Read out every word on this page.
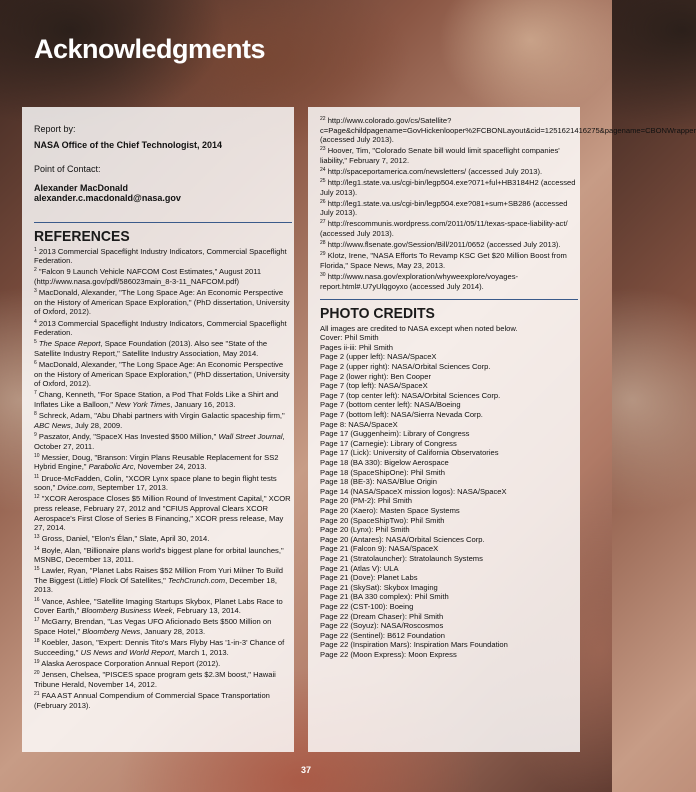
Acknowledgments
Report by:
NASA Office of the Chief Technologist, 2014
Point of Contact:
Alexander MacDonald
alexander.c.macdonald@nasa.gov
REFERENCES
$^1$ 2013 Commercial Spaceflight Industry Indicators, Commercial Spaceflight Federation.
$^2$ "Falcon 9 Launch Vehicle NAFCOM Cost Estimates," August 2011 (http://www.nasa.gov/pdf/586023main_8-3-11_NAFCOM.pdf)
$^3$ MacDonald, Alexander, "The Long Space Age: An Economic Perspective on the History of American Space Exploration," (PhD dissertation, University of Oxford, 2012).
$^4$ 2013 Commercial Spaceflight Industry Indicators, Commercial Spaceflight Federation.
$^5$ The Space Report, Space Foundation (2013). Also see "State of the Satellite Industry Report," Satellite Industry Association, May 2014.
$^6$ MacDonald, Alexander, "The Long Space Age: An Economic Perspective on the History of American Space Exploration," (PhD dissertation, University of Oxford, 2012).
$^7$ Chang, Kenneth, "For Space Station, a Pod That Folds Like a Shirt and Inflates Like a Balloon," New York Times, January 16, 2013.
$^8$ Schreck, Adam, "Abu Dhabi partners with Virgin Galactic spaceship firm," ABC News, July 28, 2009.
$^9$ Paszator, Andy, "SpaceX Has Invested $500 Million," Wall Street Journal, October 27, 2011.
$^{10}$ Messier, Doug, "Branson: Virgin Plans Reusable Replacement for SS2 Hybrid Engine," Parabolic Arc, November 24, 2013.
$^{11}$ Druce-McFadden, Colin, "XCOR Lynx space plane to begin flight tests soon," Dvice.com, September 17, 2013.
$^{12}$ "XCOR Aerospace Closes $5 Million Round of Investment Capital," XCOR press release, February 27, 2012 and "CFIUS Approval Clears XCOR Aerospace's First Close of Series B Financing," XCOR press release, May 27, 2014.
$^{13}$ Gross, Daniel, "Elon's Élan," Slate, April 30, 2014.
$^{14}$ Boyle, Alan, "Billionaire plans world's biggest plane for orbital launches," MSNBC, December 13, 2011.
$^{15}$ Lawler, Ryan, "Planet Labs Raises $52 Million From Yuri Milner To Build The Biggest (Little) Flock Of Satellites," TechCrunch.com, December 18, 2013.
$^{16}$ Vance, Ashlee, "Satellite Imaging Startups Skybox, Planet Labs Race to Cover Earth," Bloomberg Business Week, February 13, 2014.
$^{17}$ McGarry, Brendan, "Las Vegas UFO Aficionado Bets $500 Million on Space Hotel," Bloomberg News, January 28, 2013.
$^{18}$ Koebler, Jason, "Expert: Dennis Tito's Mars Flyby Has '1-in-3' Chance of Succeeding," US News and World Report, March 1, 2013.
$^{19}$ Alaska Aerospace Corporation Annual Report (2012).
$^{20}$ Jensen, Chelsea, "PISCES space program gets $2.3M boost," Hawaii Tribune Herald, November 14, 2012.
$^{21}$ FAA AST Annual Compendium of Commercial Space Transportation (February 2013).
$^{22}$ http://www.colorado.gov/cs/Satellite?c=Page&childpagename=GovHickenlooper%2FCBONLayout&cid=1251621416275&pagename=CBONWrapper (accessed July 2013).
$^{23}$ Hoover, Tim, "Colorado Senate bill would limit spaceflight companies' liability," February 7, 2012.
$^{24}$ http://spaceportamerica.com/newsletters/ (accessed July 2013).
$^{25}$ http://leg1.state.va.us/cgi-bin/legp504.exe?071+ful+HB3184H2 (accessed July 2013).
$^{26}$ http://leg1.state.va.us/cgi-bin/legp504.exe?081+sum+SB286 (accessed July 2013).
$^{27}$ http://rescommunis.wordpress.com/2011/05/11/texas-space-liability-act/ (accessed July 2013).
$^{28}$ http://www.flsenate.gov/Session/Bill/2011/0652 (accessed July 2013).
$^{29}$ Klotz, Irene, "NASA Efforts To Revamp KSC Get $20 Million Boost from Florida," Space News, May 23, 2013.
$^{30}$ http://www.nasa.gov/exploration/whyweexplore/voyages-report.html#.U7yUlqgoyxo (accessed July 2014).
PHOTO CREDITS
All images are credited to NASA except when noted below.
Cover: Phil Smith
Pages ii-iii: Phil Smith
Page 2 (upper left): NASA/SpaceX
Page 2 (upper right): NASA/Orbital Sciences Corp.
Page 2 (lower right): Ben Cooper
Page 7 (top left): NASA/SpaceX
Page 7 (top center left): NASA/Orbital Sciences Corp.
Page 7 (bottom center left): NASA/Boeing
Page 7 (bottom left): NASA/Sierra Nevada Corp.
Page 8: NASA/SpaceX
Page 17 (Guggenheim): Library of Congress
Page 17 (Carnegie): Library of Congress
Page 17 (Lick): University of California Observatories
Page 18 (BA 330): Bigelow Aerospace
Page 18 (SpaceShipOne): Phil Smith
Page 18 (BE-3): NASA/Blue Origin
Page 14 (NASA/SpaceX mission logos): NASA/SpaceX
Page 20 (PM-2): Phil Smith
Page 20 (Xaero): Masten Space Systems
Page 20 (SpaceShipTwo): Phil Smith
Page 20 (Lynx): Phil Smith
Page 20 (Antares): NASA/Orbital Sciences Corp.
Page 21 (Falcon 9): NASA/SpaceX
Page 21 (Stratolauncher): Stratolaunch Systems
Page 21 (Atlas V): ULA
Page 21 (Dove): Planet Labs
Page 21 (SkySat): Skybox Imaging
Page 21 (BA 330 complex): Phil Smith
Page 22 (CST-100): Boeing
Page 22 (Dream Chaser): Phil Smith
Page 22 (Soyuz): NASA/Roscosmos
Page 22 (Sentinel): B612 Foundation
Page 22 (Inspiration Mars): Inspiration Mars Foundation
Page 22 (Moon Express): Moon Express
37
